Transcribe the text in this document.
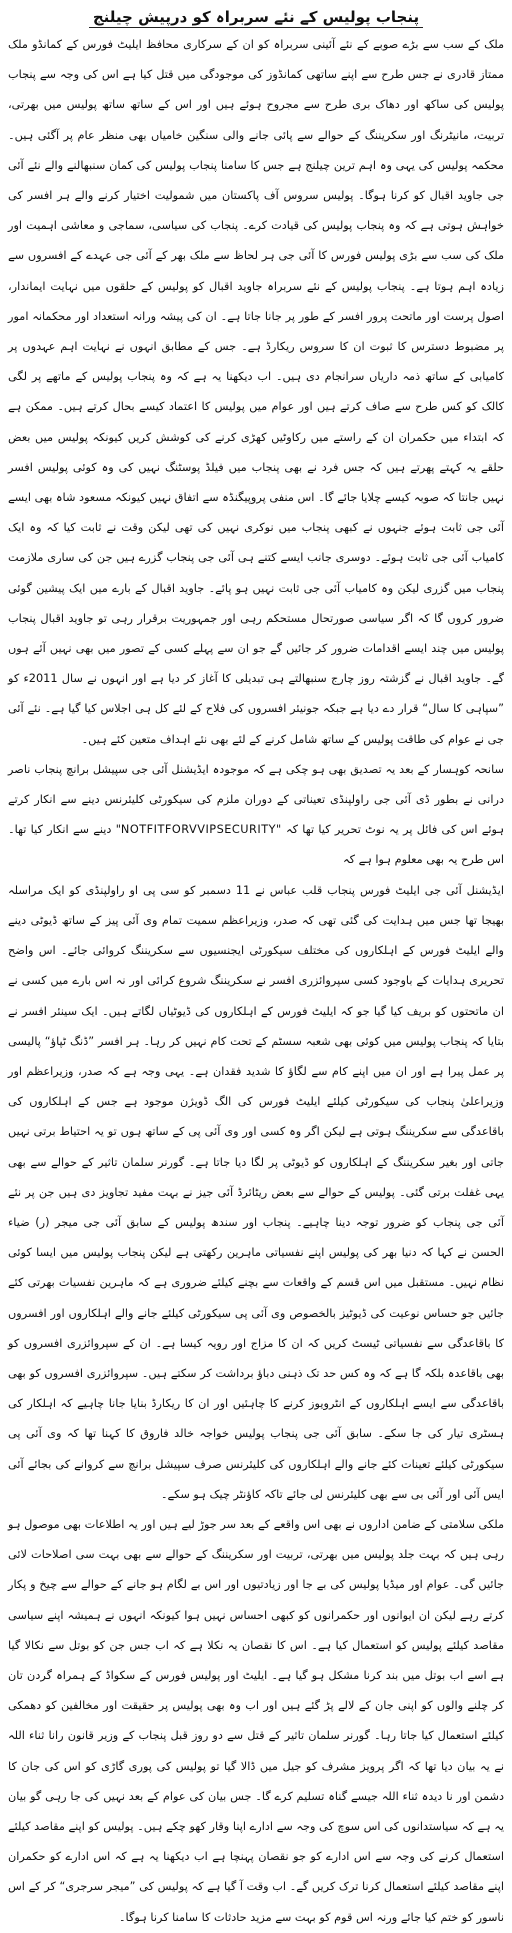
پنجاب پولیس کے نئے سربراہ کو درپیش چیلنج

ملک کے سب سے بڑے صوبے کے نئے آئینی سربراہ کو ان کے سرکاری محافظ ایلیٹ فورس کے کمانڈو ملک ممتاز قادری نے جس طرح سے اپنے ساتھی کمانڈوز کی موجودگی میں قتل کیا ہے اس کی وجہ سے پنجاب پولیس کی ساکھ اور دھاک بری طرح سے مجروح ہوئے ہیں اور اس کے ساتھ ساتھ پولیس میں بھرتی، تربیت، مانیٹرنگ اور سکریننگ کے حوالے سے پائی جانے والی سنگین خامیاں بھی منظر عام پر آگئی ہیں۔ محکمہ پولیس کی یہی وہ اہم ترین چیلنج ہے جس کا سامنا پنجاب پولیس کی کمان سنبھالنے والے نئے آئی جی جاوید اقبال کو کرنا ہوگا۔ پولیس سروس آف پاکستان میں شمولیت اختیار کرنے والے ہر افسر کی خواہش ہوتی ہے کہ وہ پنجاب پولیس کی قیادت کرے۔ پنجاب کی سیاسی، سماجی و معاشی اہمیت اور ملک کی سب سے بڑی پولیس فورس کا آئی جی ہر لحاظ سے ملک بھر کے آئی جی عہدے کے افسروں سے زیادہ اہم ہوتا ہے۔ پنجاب پولیس کے نئے سربراہ جاوید اقبال کو پولیس کے حلقوں میں نہایت ایماندار، اصول پرست اور ماتحت پرور افسر کے طور پر جانا جاتا ہے۔ ان کی پیشہ ورانہ استعداد اور محکمانہ امور پر مضبوط دسترس کا ثبوت ان کا سروس ریکارڈ ہے۔ جس کے مطابق انہوں نے نہایت اہم عہدوں پر کامیابی کے ساتھ ذمہ داریاں سرانجام دی ہیں۔ اب دیکھنا یہ ہے کہ وہ پنجاب پولیس کے ماتھے پر لگی کالک کو کس طرح سے صاف کرتے ہیں اور عوام میں پولیس کا اعتماد کیسے بحال کرتے ہیں۔ ممکن ہے کہ ابتداء میں حکمران ان کے راستے میں رکاوٹیں کھڑی کرنے کی کوشش کریں کیونکہ پولیس میں بعض حلقے یہ کہتے پھرتے ہیں کہ جس فرد نے بھی پنجاب میں فیلڈ پوسٹنگ نہیں کی وہ کوئی پولیس افسر نہیں جانتا کہ صوبہ کیسے چلایا جائے گا۔ اس منفی پروپیگنڈہ سے اتفاق نہیں کیونکہ مسعود شاہ بھی ایسے آئی جی ثابت ہوئے جنہوں نے کبھی پنجاب میں نوکری نہیں کی تھی لیکن وقت نے ثابت کیا کہ وہ ایک کامیاب آئی جی ثابت ہوئے۔ دوسری جانب ایسے کتنے ہی آئی جی پنجاب گزرے ہیں جن کی ساری ملازمت پنجاب میں گزری لیکن وہ کامیاب آئی جی ثابت نہیں ہو پائے۔ جاوید اقبال کے بارے میں ایک پیشین گوئی ضرور کروں گا کہ اگر سیاسی صورتحال مستحکم رہی اور جمہوریت برقرار رہی تو جاوید اقبال پنجاب پولیس میں چند ایسے اقدامات ضرور کر جائیں گے جو ان سے پہلے کسی کے تصور میں بھی نہیں آئے ہوں گے۔ جاوید اقبال نے گزشتہ روز چارج سنبھالتے ہی تبدیلی کا آغاز کر دیا ہے اور انہوں نے سال 2011ء کو ”سپاہی کا سال“ قرار دے دیا ہے جبکہ جونیئر افسروں کی فلاح کے لئے کل ہی اجلاس کیا گیا ہے۔ نئے آئی جی نے عوام کی طاقت پولیس کے ساتھ شامل کرنے کے لئے بھی نئے اہداف متعین کئے ہیں۔

سانحہ کوہسار کے بعد یہ تصدیق بھی ہو چکی ہے کہ موجودہ ایڈیشنل آئی جی سپیشل برانچ پنجاب ناصر درانی نے بطور ڈی آئی جی راولپنڈی تعیناتی کے دوران ملزم کی سیکورٹی کلیئرنس دینے سے انکار کرتے ہوئے اس کی فائل پر یہ نوٹ تحریر کیا تھا کہ "NOTFITFORVVIPSECURITY" دینے سے انکار کیا تھا۔ اس طرح یہ بھی معلوم ہوا ہے کہ

ایڈیشنل آئی جی ایلیٹ فورس پنجاب قلب عباس نے 11 دسمبر کو سی پی او راولپنڈی کو ایک مراسلہ بھیجا تھا جس میں ہدایت کی گئی تھی کہ صدر، وزیراعظم سمیت تمام وی آئی پیز کے ساتھ ڈیوٹی دینے والے ایلیٹ فورس کے اہلکاروں کی مختلف سیکورٹی ایجنسیوں سے سکریننگ کروائی جائے۔ اس واضح تحریری ہدایات کے باوجود کسی سپروائزری افسر نے سکریننگ شروع کرائی اور نہ اس بارے میں کسی نے ان ماتحتوں کو بریف کیا گیا جو کہ ایلیٹ فورس کے اہلکاروں کی ڈیوٹیاں لگاتے ہیں۔ ایک سینئر افسر نے بتایا کہ پنجاب پولیس میں کوئی بھی شعبہ سسٹم کے تحت کام نہیں کر رہا۔ ہر افسر ”ڈنگ ٹپاؤ“ پالیسی پر عمل پیرا ہے اور ان میں اپنے کام سے لگاؤ کا شدید فقدان ہے۔ یہی وجہ ہے کہ صدر، وزیراعظم اور وزیراعلیٰ پنجاب کی سیکورٹی کیلئے ایلیٹ فورس کی الگ ڈویژن موجود ہے جس کے اہلکاروں کی باقاعدگی سے سکریننگ ہوتی ہے لیکن اگر وہ کسی اور وی آئی پی کے ساتھ ہوں تو یہ احتیاط برتی نہیں جاتی اور بغیر سکریننگ کے اہلکاروں کو ڈیوٹی پر لگا دیا جاتا ہے۔ گورنر سلمان تاثیر کے حوالے سے بھی یہی غفلت برتی گئی۔ پولیس کے حوالے سے بعض ریٹائرڈ آئی جیز نے بہت مفید تجاویز دی ہیں جن پر نئے آئی جی پنجاب کو ضرور توجہ دینا چاہیے۔ پنجاب اور سندھ پولیس کے سابق آئی جی میجر (ر) ضیاء الحسن نے کہا کہ دنیا بھر کی پولیس اپنے نفسیاتی ماہرین رکھتی ہے لیکن پنجاب پولیس میں ایسا کوئی نظام نہیں۔ مستقبل میں اس قسم کے واقعات سے بچنے کیلئے ضروری ہے کہ ماہرین نفسیات بھرتی کئے جائیں جو حساس نوعیت کی ڈیوٹیز بالخصوص وی آئی پی سیکورٹی کیلئے جانے والے اہلکاروں اور افسروں کا باقاعدگی سے نفسیاتی ٹیسٹ کریں کہ ان کا مزاج اور رویہ کیسا ہے۔ ان کے سپروائزری افسروں کو بھی باقاعدہ بلکہ گا ہے کہ وہ کس حد تک ذہنی دباؤ برداشت کر سکتے ہیں۔ سپروائزری افسروں کو بھی باقاعدگی سے ایسے اہلکاروں کے انٹرویوز کرنے کا چاہئیں اور ان کا ریکارڈ بنایا جانا چاہیے کہ اہلکار کی ہسٹری تیار کی جا سکے۔ سابق آئی جی پنجاب پولیس خواجہ خالد فاروق کا کہنا تھا کہ وی آئی پی سیکورٹی کیلئے تعینات کئے جانے والے اہلکاروں کی کلیئرنس صرف سپیشل برانچ سے کروانے کی بجائے آئی ایس آئی اور آئی بی سے بھی کلیئرنس لی جائے تاکہ کاؤنٹر چیک ہو سکے۔

ملکی سلامتی کے ضامن اداروں نے بھی اس واقعے کے بعد سر جوڑ لیے ہیں اور یہ اطلاعات بھی موصول ہو رہی ہیں کہ بہت جلد پولیس میں بھرتی، تربیت اور سکریننگ کے حوالے سے بھی بہت سی اصلاحات لائی جائیں گی۔ عوام اور میڈیا پولیس کی بے جا اور زیادتیوں اور اس بے لگام ہو جانے کے حوالے سے چیخ و پکار کرتے رہے لیکن ان ایوانوں اور حکمرانوں کو کبھی احساس نہیں ہوا کیونکہ انہوں نے ہمیشہ اپنے سیاسی مقاصد کیلئے پولیس کو استعمال کیا ہے۔ اس کا نقصان یہ نکلا ہے کہ اب جس جن کو بوتل سے نکالا گیا ہے اسے اب بوتل میں بند کرنا مشکل ہو گیا ہے۔ ایلیٹ اور پولیس فورس کے سکواڈ کے ہمراہ گردن تان کر چلنے والوں کو اپنی جان کے لالے پڑ گئے ہیں اور اب وہ بھی پولیس پر حقیقت اور مخالفین کو دھمکی کیلئے استعمال کیا جاتا رہا۔ گورنر سلمان تاثیر کے قتل سے دو روز قبل پنجاب کے وزیر قانون رانا ثناء اللہ نے یہ بیان دیا تھا کہ اگر پرویز مشرف کو جیل میں ڈالا گیا تو پولیس کی پوری گاڑی کو اس کی جان کا دشمن اور نا دیدہ ثناء اللہ جیسے گناہ تسلیم کرے گا۔ جس بیان کی عوام کے بعد نہیں کی جا رہی گو بیان یہ ہے کہ سیاستدانوں کی اس سوچ کی وجہ سے ادارے اپنا وقار کھو چکے ہیں۔ پولیس کو اپنے مقاصد کیلئے استعمال کرنے کی وجہ سے اس ادارے کو جو نقصان پہنچا ہے اب دیکھنا یہ ہے کہ اس ادارے کو حکمران اپنے مقاصد کیلئے استعمال کرنا ترک کریں گے۔ اب وقت آ گیا ہے کہ پولیس کی ”میجر سرجری“ کر کے اس ناسور کو ختم کیا جائے ورنہ اس قوم کو بہت سے مزید حادثات کا سامنا کرنا ہوگا۔
